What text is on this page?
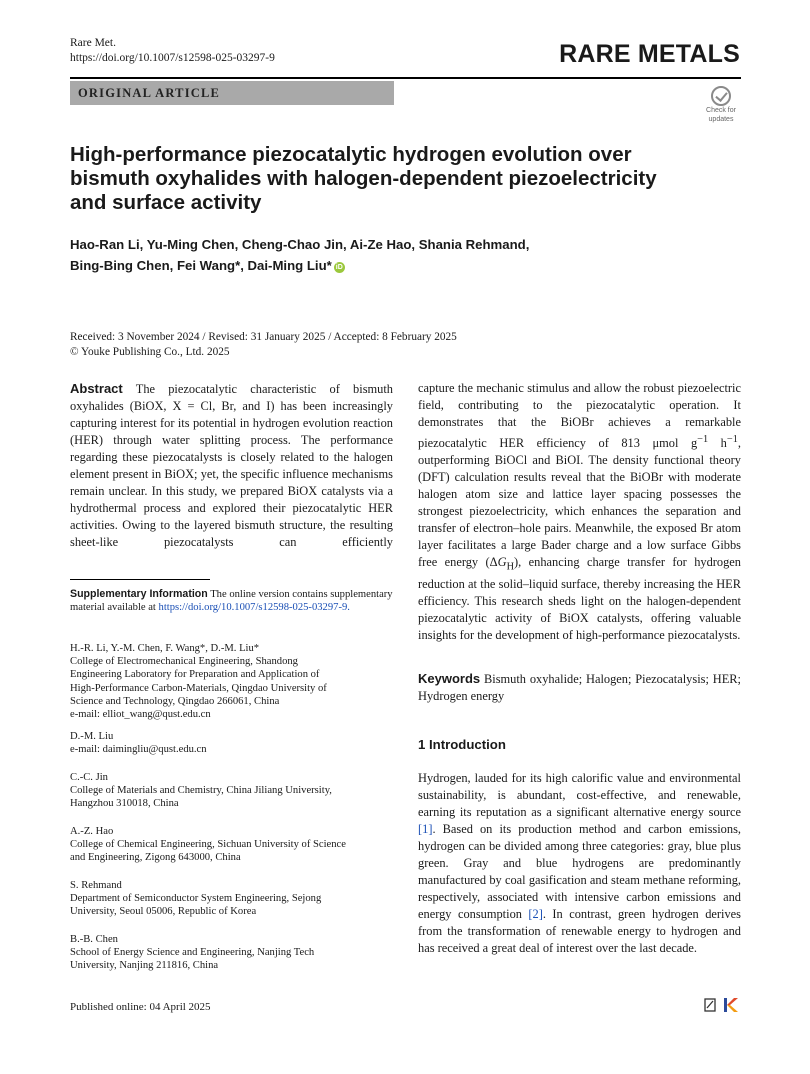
Rare Met.
https://doi.org/10.1007/s12598-025-03297-9	RARE METALS
ORIGINAL ARTICLE
Check for
updates
High-performance piezocatalytic hydrogen evolution over bismuth oxyhalides with halogen-dependent piezoelectricity and surface activity
Hao-Ran Li, Yu-Ming Chen, Cheng-Chao Jin, Ai-Ze Hao, Shania Rehmand,
Bing-Bing Chen, Fei Wang*, Dai-Ming Liu* iD
Received: 3 November 2024 / Revised: 31 January 2025 / Accepted: 8 February 2025
© Youke Publishing Co., Ltd. 2025
Abstract The piezocatalytic characteristic of bismuth oxyhalides (BiOX, X = Cl, Br, and I) has been increasingly capturing interest for its potential in hydrogen evolution reaction (HER) through water splitting process. The performance regarding these piezocatalysts is closely related to the halogen element present in BiOX; yet, the specific influence mechanisms remain unclear. In this study, we prepared BiOX catalysts via a hydrothermal process and explored their piezocatalytic HER activities. Owing to the layered bismuth structure, the resulting sheet-like piezocatalysts can efficiently
capture the mechanic stimulus and allow the robust piezoelectric field, contributing to the piezocatalytic operation. It demonstrates that the BiOBr achieves a remarkable piezocatalytic HER efficiency of 813 μmol $g^{-1}$ $h^{-1}$, outperforming BiOCl and BiOI. The density functional theory (DFT) calculation results reveal that the BiOBr with moderate halogen atom size and lattice layer spacing possesses the strongest piezoelectricity, which enhances the separation and transfer of electron–hole pairs. Meanwhile, the exposed Br atom layer facilitates a large Bader charge and a low surface Gibbs free energy $(\Delta G_H)$, enhancing charge transfer for hydrogen reduction at the solid–liquid surface, thereby increasing the HER efficiency. This research sheds light on the halogen-dependent piezocatalytic activity of BiOX catalysts, offering valuable insights for the development of high-performance piezocatalysts.
Supplementary Information The online version contains supplementary material available at https://doi.org/10.1007/s12598-025-03297-9.
H.-R. Li, Y.-M. Chen, F. Wang*, D.-M. Liu*
College of Electromechanical Engineering, Shandong
Engineering Laboratory for Preparation and Application of
High-Performance Carbon-Materials, Qingdao University of
Science and Technology, Qingdao 266061, China
e-mail: elliot_wang@qust.edu.cn
D.-M. Liu
e-mail: daimingliu@qust.edu.cn
C.-C. Jin
College of Materials and Chemistry, China Jiliang University,
Hangzhou 310018, China
A.-Z. Hao
College of Chemical Engineering, Sichuan University of Science
and Engineering, Zigong 643000, China
S. Rehmand
Department of Semiconductor System Engineering, Sejong
University, Seoul 05006, Republic of Korea
B.-B. Chen
School of Energy Science and Engineering, Nanjing Tech
University, Nanjing 211816, China
Keywords Bismuth oxyhalide; Halogen; Piezocatalysis; HER; Hydrogen energy
1 Introduction
Hydrogen, lauded for its high calorific value and environmental sustainability, is abundant, cost-effective, and renewable, earning its reputation as a significant alternative energy source [1]. Based on its production method and carbon emissions, hydrogen can be divided among three categories: gray, blue plus green. Gray and blue hydrogens are predominantly manufactured by coal gasification and steam methane reforming, respectively, associated with intensive carbon emissions and energy consumption [2]. In contrast, green hydrogen derives from the transformation of renewable energy to hydrogen and has received a great deal of interest over the last decade.
Published online: 04 April 2025
